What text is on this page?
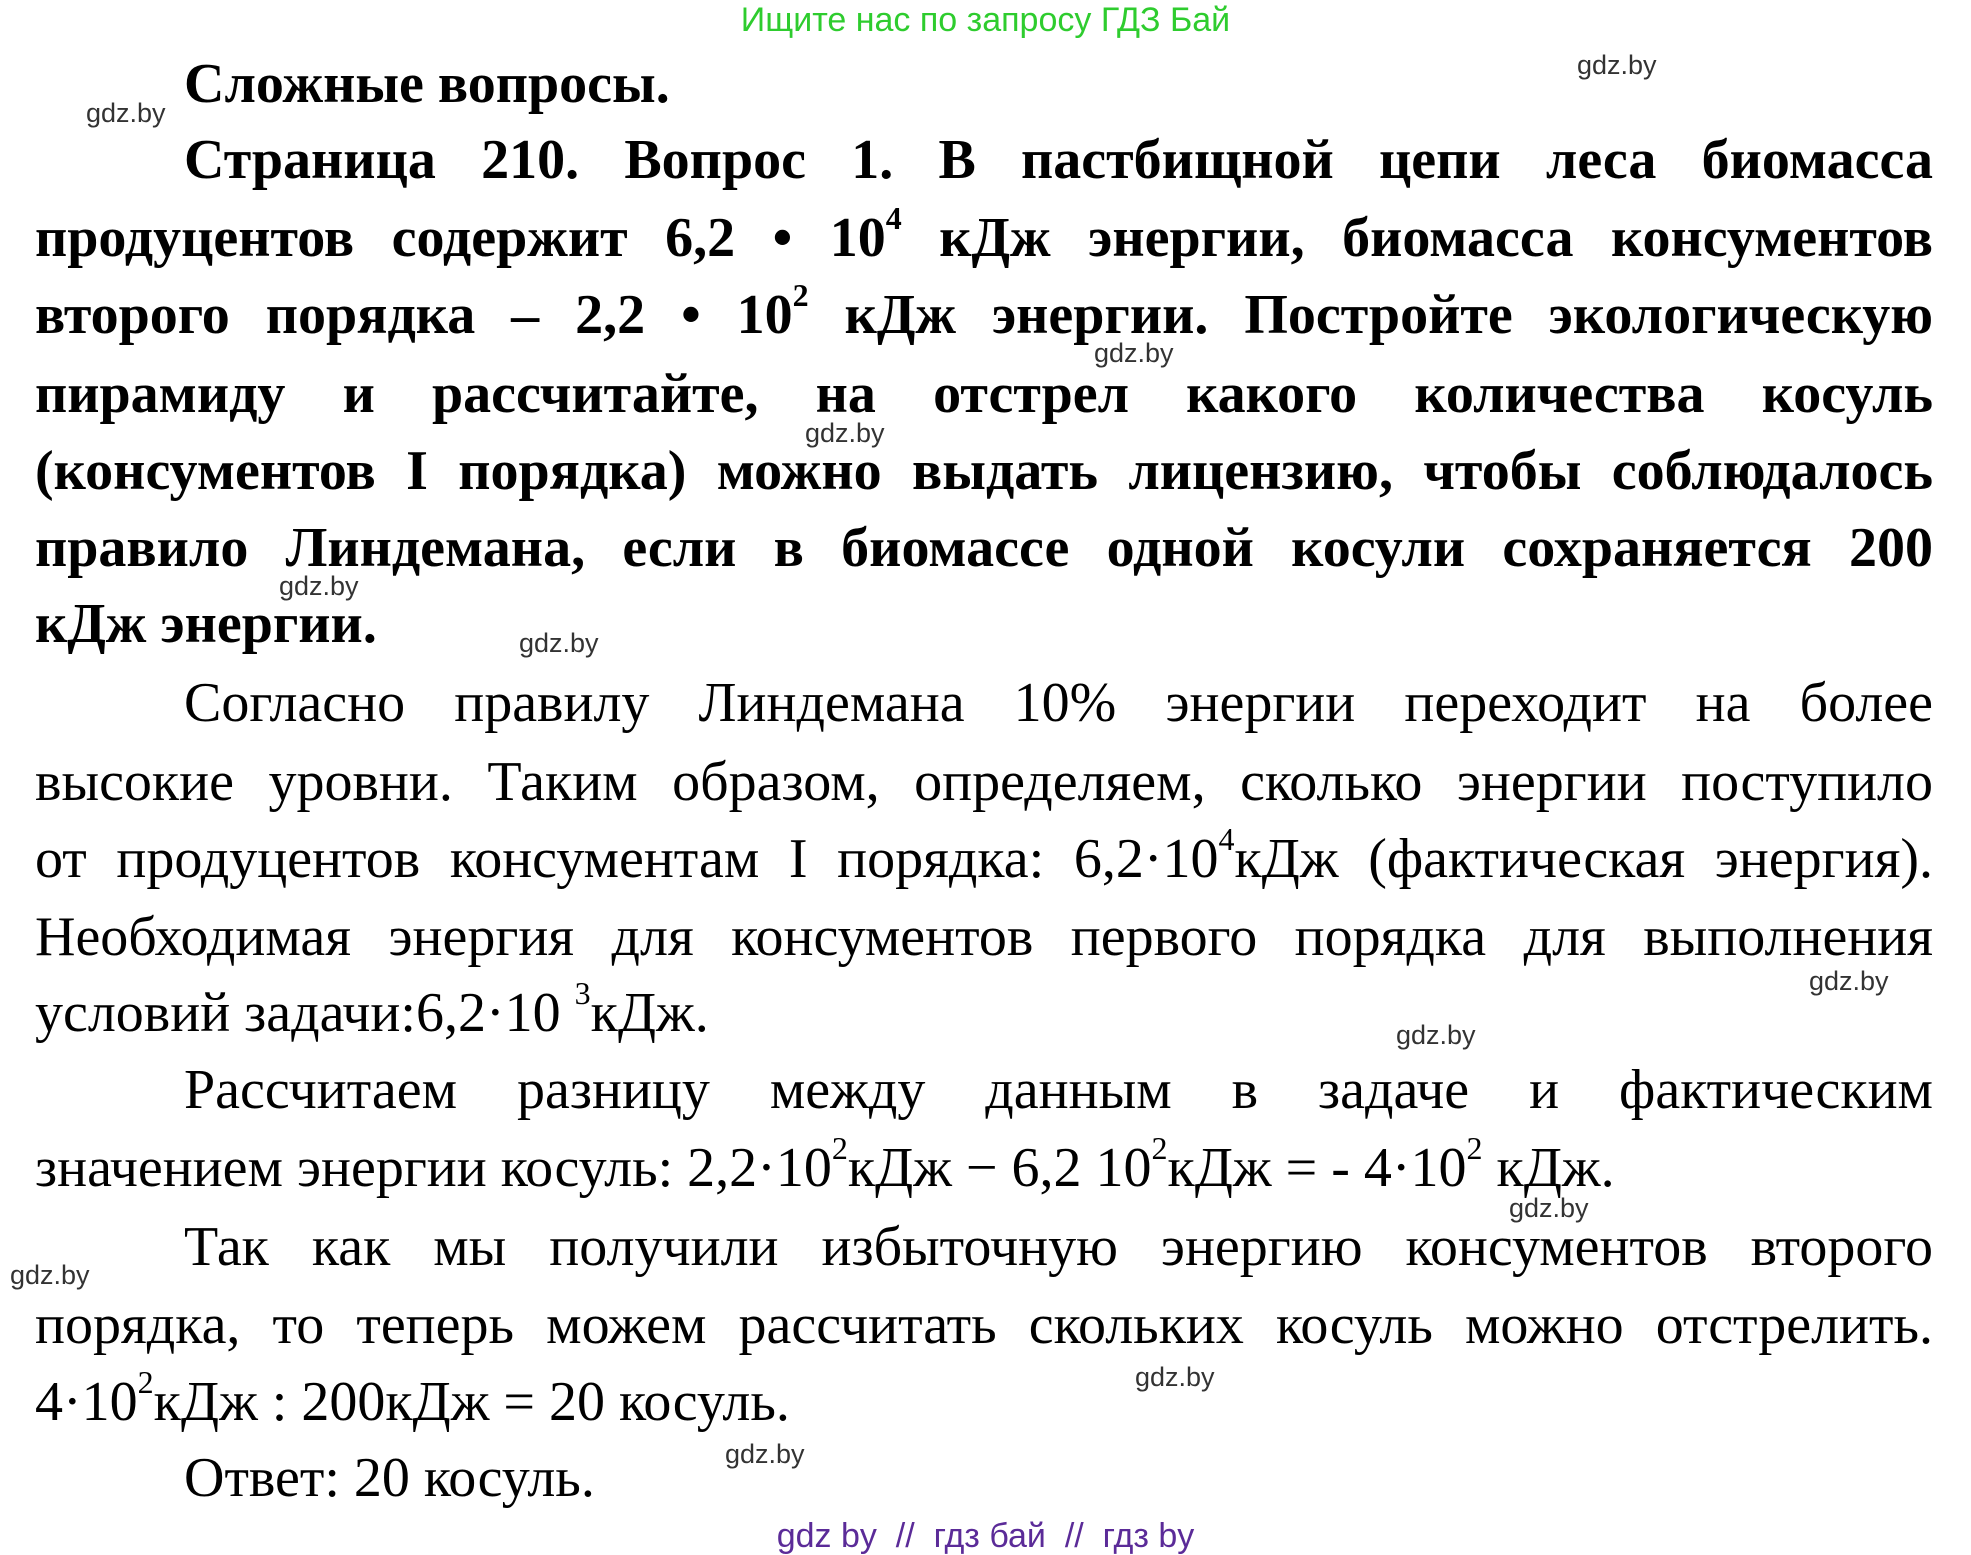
Ищите нас по запросу ГДЗ Бай
Сложные вопросы.
Страница 210. Вопрос 1. В пастбищной цепи леса биомасса
продуцентов содержит 6,2 • $10^4$ кДж энергии, биомасса консументов
второго порядка – 2,2 • $10^2$ кДж энергии. Постройте экологическую
пирамиду и рассчитайте, на отстрел какого количества косуль
(консументов I порядка) можно выдать лицензию, чтобы соблюдалось
правило Линдемана, если в биомассе одной косули сохраняется 200
кДж энергии.
Согласно правилу Линдемана 10% энергии переходит на более
высокие уровни. Таким образом, определяем, сколько энергии поступило
от продуцентов консументам I порядка: $6,2\cdot 10^4кДж$ (фактическая энергия).
Необходимая энергия для консументов первого порядка для выполнения
условий задачи:6,2·10 $^3$кДж.
Рассчитаем разницу между данным в задаче и фактическим
значением энергии косуль: $2,2\cdot 10^2кДж - 6,2$ $10^2кДж$ = - $4\cdot 10^2$ кДж.
Так как мы получили избыточную энергию консументов второго
порядка, то теперь можем рассчитать скольких косуль можно отстрелить.
$4\cdot 10^2кДж$ : 200кДж = 20 косуль.
Ответ: 20 косуль.
gdz.by
gdz.by
gdz.by
gdz.by
gdz.by
gdz.by
gdz.by
gdz.by
gdz.by
gdz.by
gdz.by
gdz.by
gdz by  //  гдз бай  //  гдз by
